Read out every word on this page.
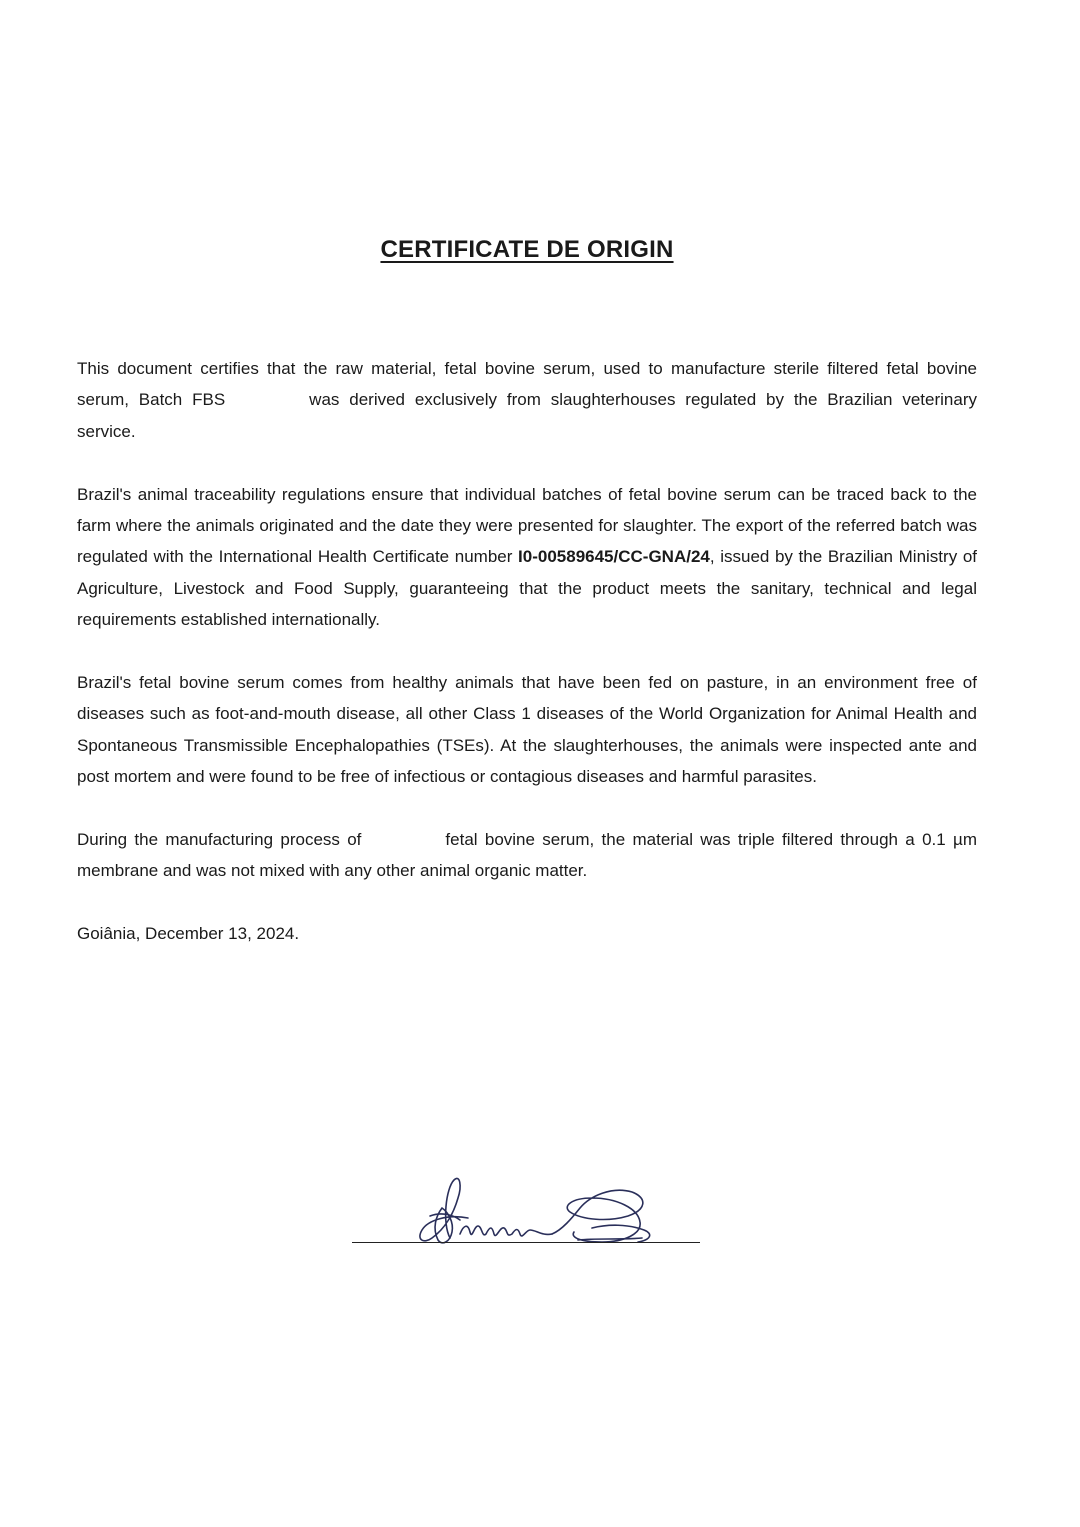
CERTIFICATE DE ORIGIN

This document certifies that the raw material, fetal bovine serum, used to manufacture sterile filtered fetal bovine serum, Batch FBS	was derived exclusively from slaughterhouses regulated by the Brazilian veterinary service.

Brazil's animal traceability regulations ensure that individual batches of fetal bovine serum can be traced back to the farm where the animals originated and the date they were presented for slaughter. The export of the referred batch was regulated with the International Health Certificate number I0-00589645/CC-GNA/24, issued by the Brazilian Ministry of Agriculture, Livestock and Food Supply, guaranteeing that the product meets the sanitary, technical and legal requirements established internationally.

Brazil's fetal bovine serum comes from healthy animals that have been fed on pasture, in an environment free of diseases such as foot-and-mouth disease, all other Class 1 diseases of the World Organization for Animal Health and Spontaneous Transmissible Encephalopathies (TSEs). At the slaughterhouses, the animals were inspected ante and post mortem and were found to be free of infectious or contagious diseases and harmful parasites.

During the manufacturing process of	fetal bovine serum, the material was triple filtered through a 0.1 µm membrane and was not mixed with any other animal organic matter.

Goiânia, December 13, 2024.
